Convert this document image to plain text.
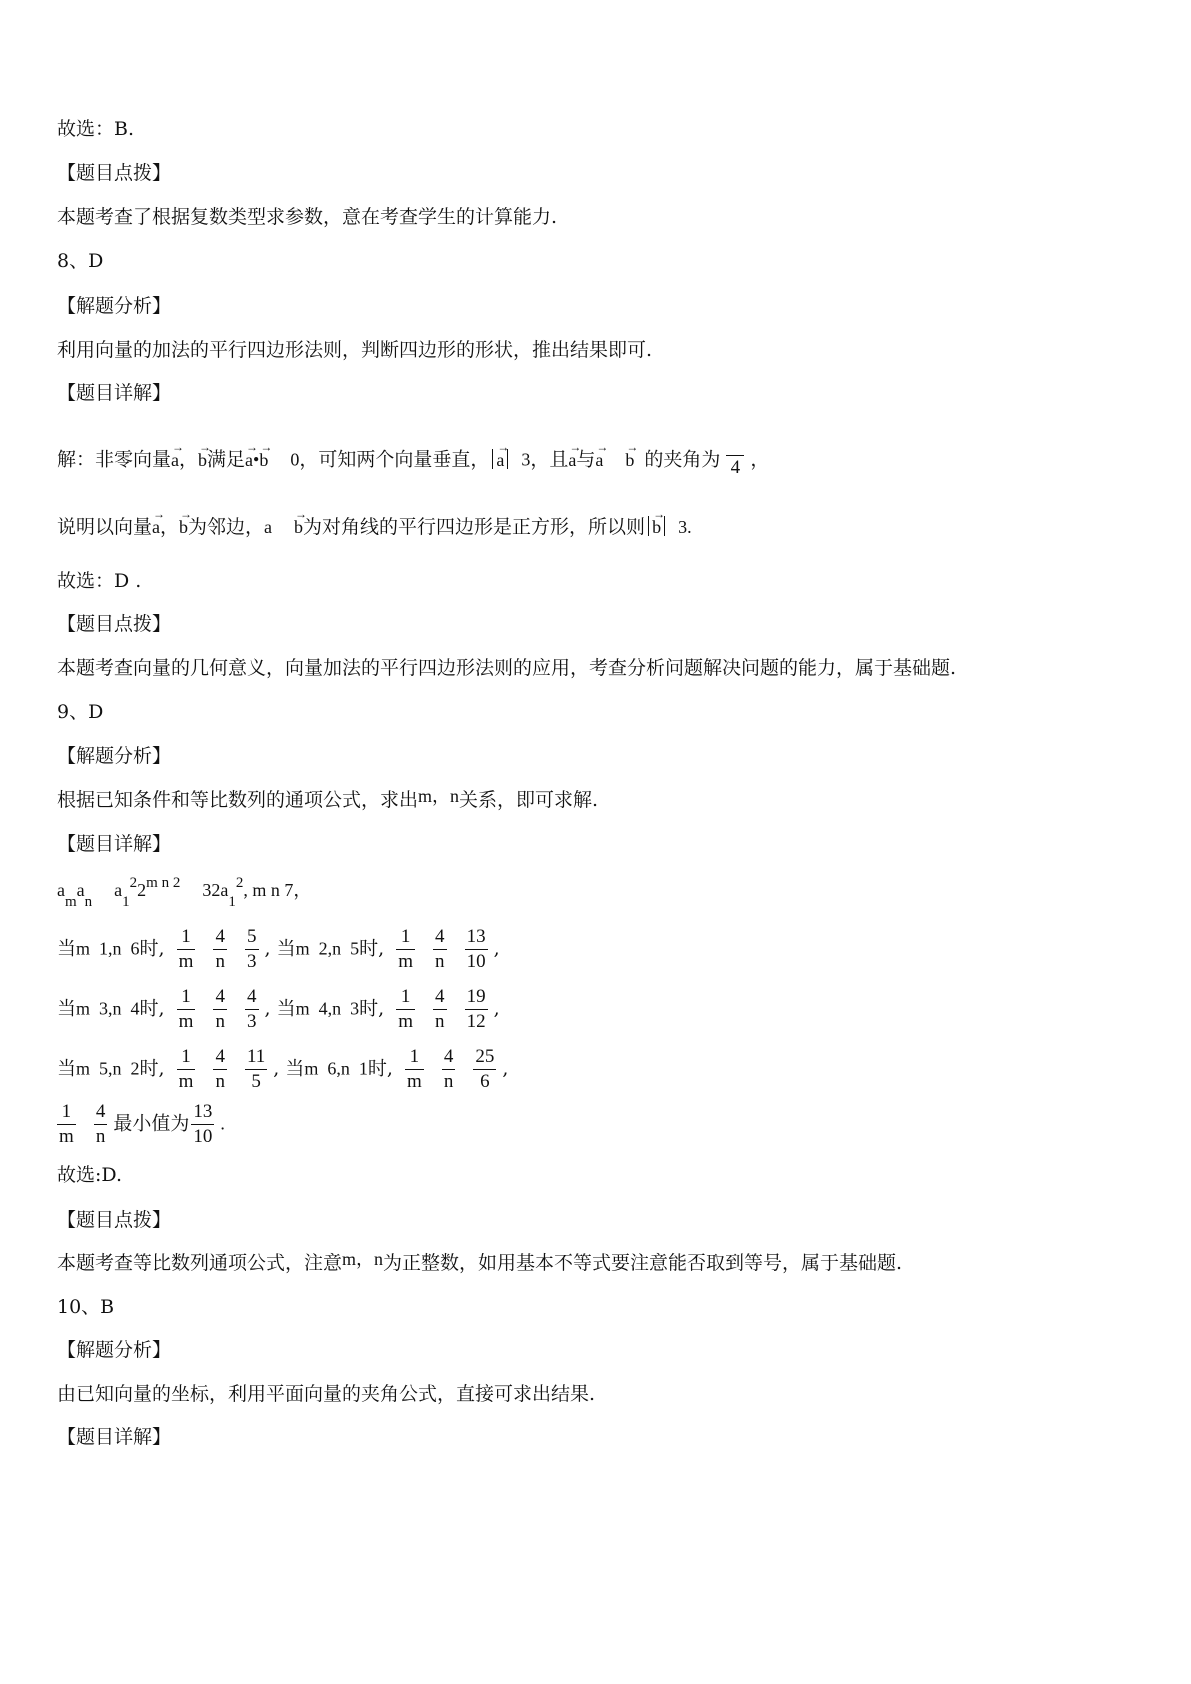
故选：B.
【题目点拨】
本题考查了根据复数类型求参数，意在考查学生的计算能力.
8、D
【解题分析】
利用向量的加法的平行四边形法则，判断四边形的形状，推出结果即可.
【题目详解】
解：非零向量→ a，→ b满足→ a•→ b 0，可知两个向量垂直， → a 3，且→ a与→ a → b 的夹角为 4 ，
说明以向量→ a，→ b为邻边，a → b为对角线的平行四边形是正方形，所以则 → b 3.
故选：D .
【题目点拨】
本题考查向量的几何意义，向量加法的平行四边形法则的应用，考查分析问题解决问题的能力，属于基础题.
9、D
【解题分析】
根据已知条件和等比数列的通项公式，求出m，n关系，即可求解.
【题目详解】
$a_ma_na_1^22^{m n 2}$ $32a_1^2$, m n 7，
当m  1,n  6时, $\frac{1}{m}$
$\frac{4}{n}$
$\frac{5}{3}$ , 当m  2,n  5时, $\frac{1}{m}$
$\frac{4}{n}$
$\frac{13}{10}$ ,
当m  3,n  4时, $\frac{1}{m}$
$\frac{4}{n}$
$\frac{4}{3}$ , 当m  4,n  3时, $\frac{1}{m}$
$\frac{4}{n}$
$\frac{19}{12}$ ,
当m  5,n  2时, $\frac{1}{m}$
$\frac{4}{n}$
$\frac{11}{5}$ , 当m  6,n  1时, $\frac{1}{m}$
$\frac{4}{n}$
$\frac{25}{6}$ ,
$\frac{1}{m}$
$\frac{4}{n}$ 最小值为 $\frac{13}{10}$ .
故选:D.
【题目点拨】
本题考查等比数列通项公式，注意m，n为正整数，如用基本不等式要注意能否取到等号，属于基础题.
10、B
【解题分析】
由已知向量的坐标，利用平面向量的夹角公式，直接可求出结果.
【题目详解】
